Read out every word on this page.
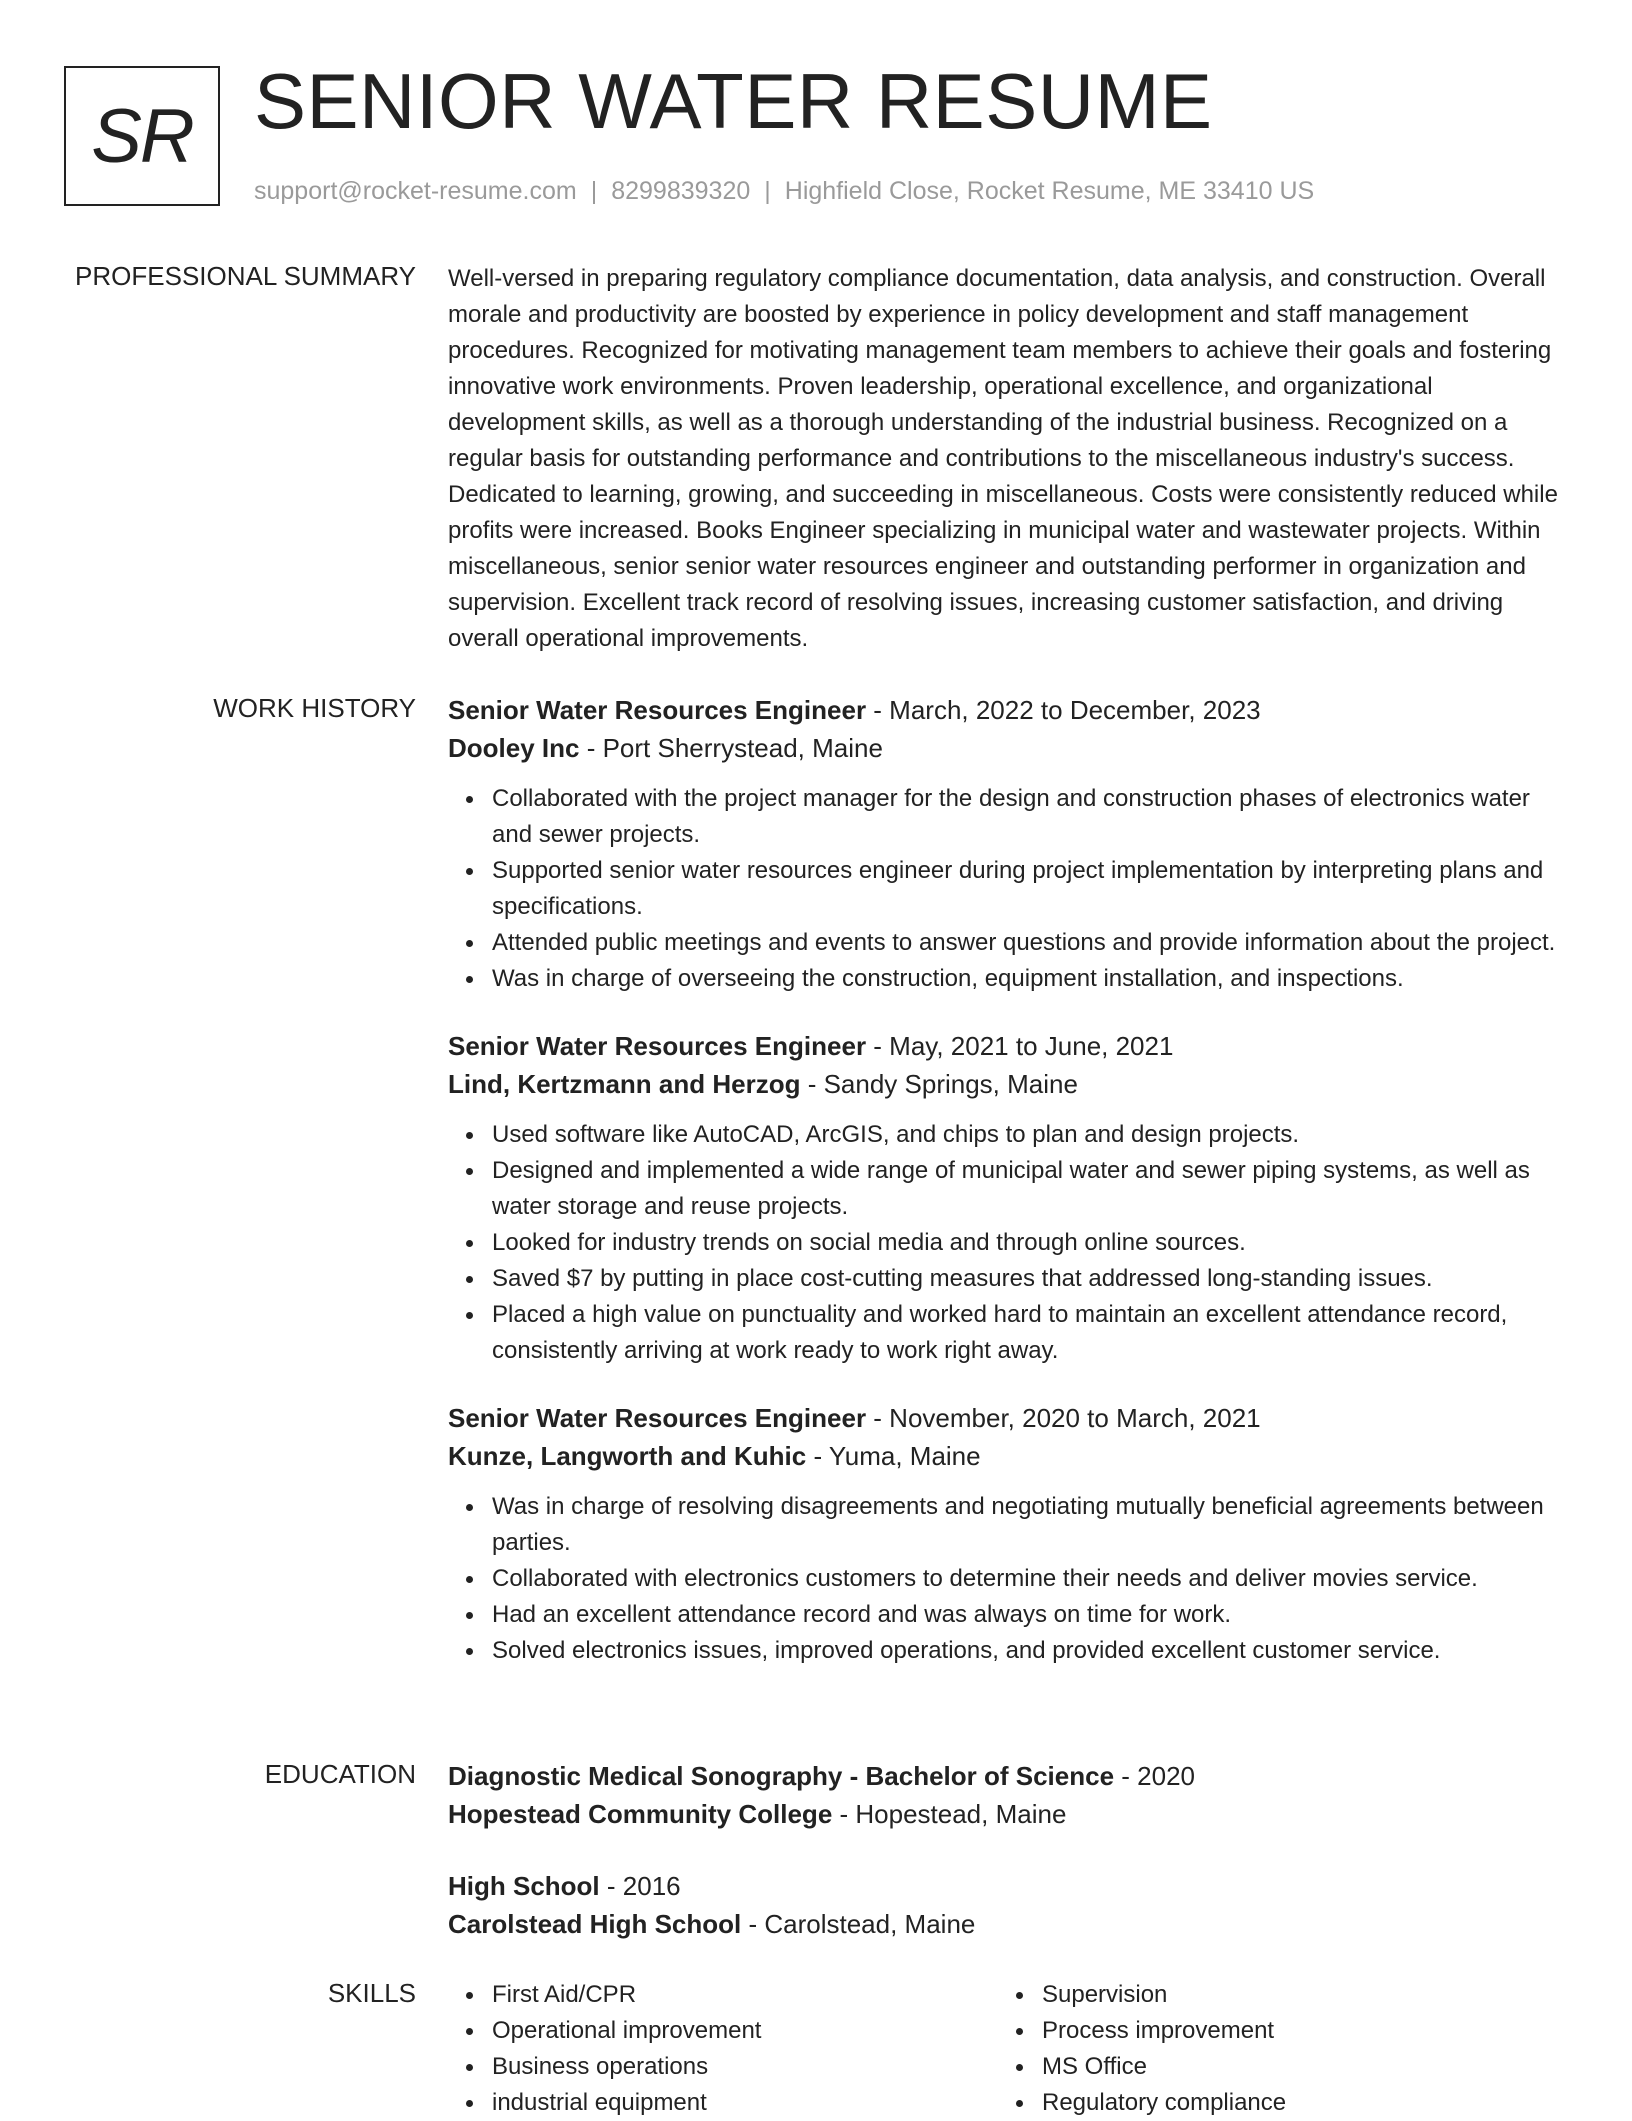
SR SENIOR WATER RESUME
support@rocket-resume.com | 8299839320 | Highfield Close, Rocket Resume, ME 33410 US
PROFESSIONAL SUMMARY Well-versed in preparing regulatory compliance documentation, data analysis, and construction. Overall morale and productivity are boosted by experience in policy development and staff management procedures. Recognized for motivating management team members to achieve their goals and fostering innovative work environments. Proven leadership, operational excellence, and organizational development skills, as well as a thorough understanding of the industrial business. Recognized on a regular basis for outstanding performance and contributions to the miscellaneous industry's success. Dedicated to learning, growing, and succeeding in miscellaneous. Costs were consistently reduced while profits were increased. Books Engineer specializing in municipal water and wastewater projects. Within miscellaneous, senior senior water resources engineer and outstanding performer in organization and supervision. Excellent track record of resolving issues, increasing customer satisfaction, and driving overall operational improvements.

WORK HISTORY Senior Water Resources Engineer - March, 2022 to December, 2023
Dooley Inc - Port Sherrystead, Maine
Collaborated with the project manager for the design and construction phases of electronics water and sewer projects.
Supported senior water resources engineer during project implementation by interpreting plans and specifications.
Attended public meetings and events to answer questions and provide information about the project.
Was in charge of overseeing the construction, equipment installation, and inspections.
Senior Water Resources Engineer - May, 2021 to June, 2021
Lind, Kertzmann and Herzog - Sandy Springs, Maine
Used software like AutoCAD, ArcGIS, and chips to plan and design projects.
Designed and implemented a wide range of municipal water and sewer piping systems, as well as water storage and reuse projects.
Looked for industry trends on social media and through online sources.
Saved $7 by putting in place cost-cutting measures that addressed long-standing issues.
Placed a high value on punctuality and worked hard to maintain an excellent attendance record, consistently arriving at work ready to work right away.
Senior Water Resources Engineer - November, 2020 to March, 2021
Kunze, Langworth and Kuhic - Yuma, Maine
Was in charge of resolving disagreements and negotiating mutually beneficial agreements between parties.
Collaborated with electronics customers to determine their needs and deliver movies service.
Had an excellent attendance record and was always on time for work.
Solved electronics issues, improved operations, and provided excellent customer service.
EDUCATION Diagnostic Medical Sonography - Bachelor of Science - 2020
Hopestead Community College - Hopestead, Maine
High School - 2016
Carolstead High School - Carolstead, Maine
SKILLS	First Aid/CPR
Operational improvement
Business operations
industrial equipment
Supervision
Process improvement
MS Office
Regulatory compliance
